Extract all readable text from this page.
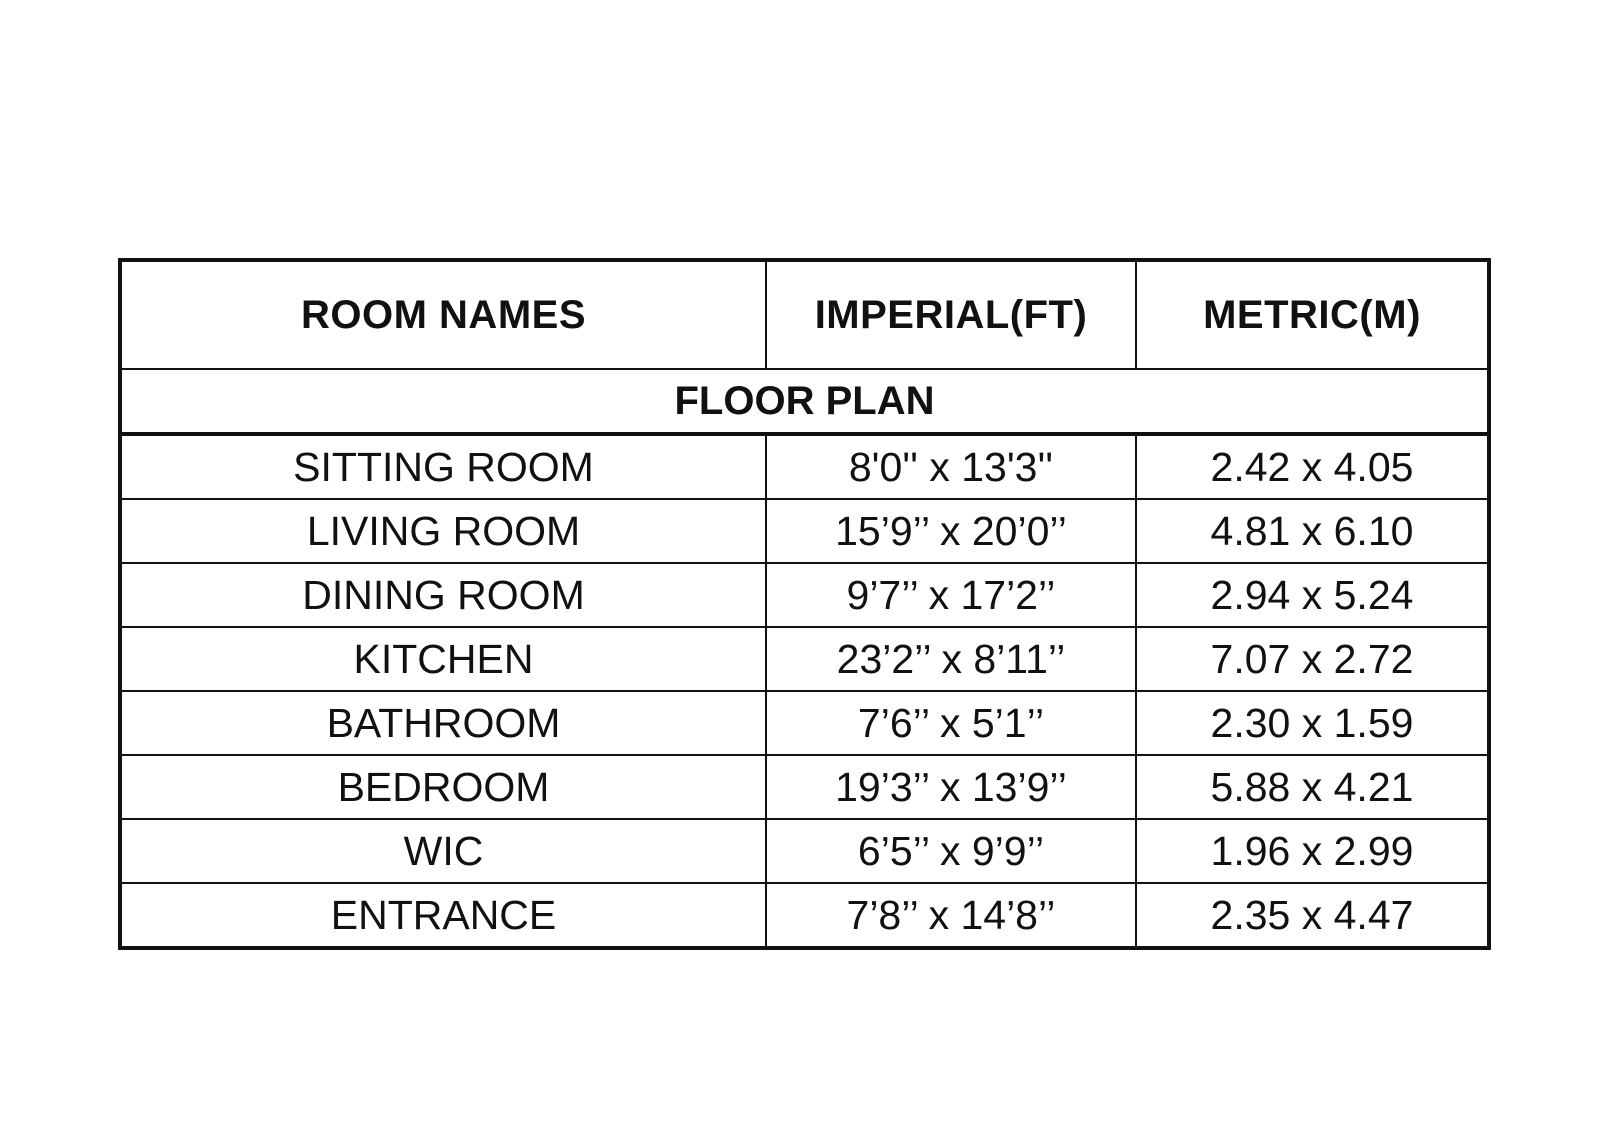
ROOM NAMES	IMPERIAL(FT)	METRIC(M)
FLOOR PLAN		
SITTING ROOM	8'0'' x 13'3''	2.42 x 4.05
LIVING ROOM	15’9’’ x 20’0’’	4.81 x 6.10
DINING ROOM	9’7’’ x 17’2’’	2.94 x 5.24
KITCHEN	23’2’’ x 8’11’’	7.07 x 2.72
BATHROOM	7’6’’ x 5’1’’	2.30 x 1.59
BEDROOM	19’3’’ x 13’9’’	5.88 x 4.21
WIC	6’5’’ x 9’9’’	1.96 x 2.99
ENTRANCE	7’8’’ x 14’8’’	2.35 x 4.47
